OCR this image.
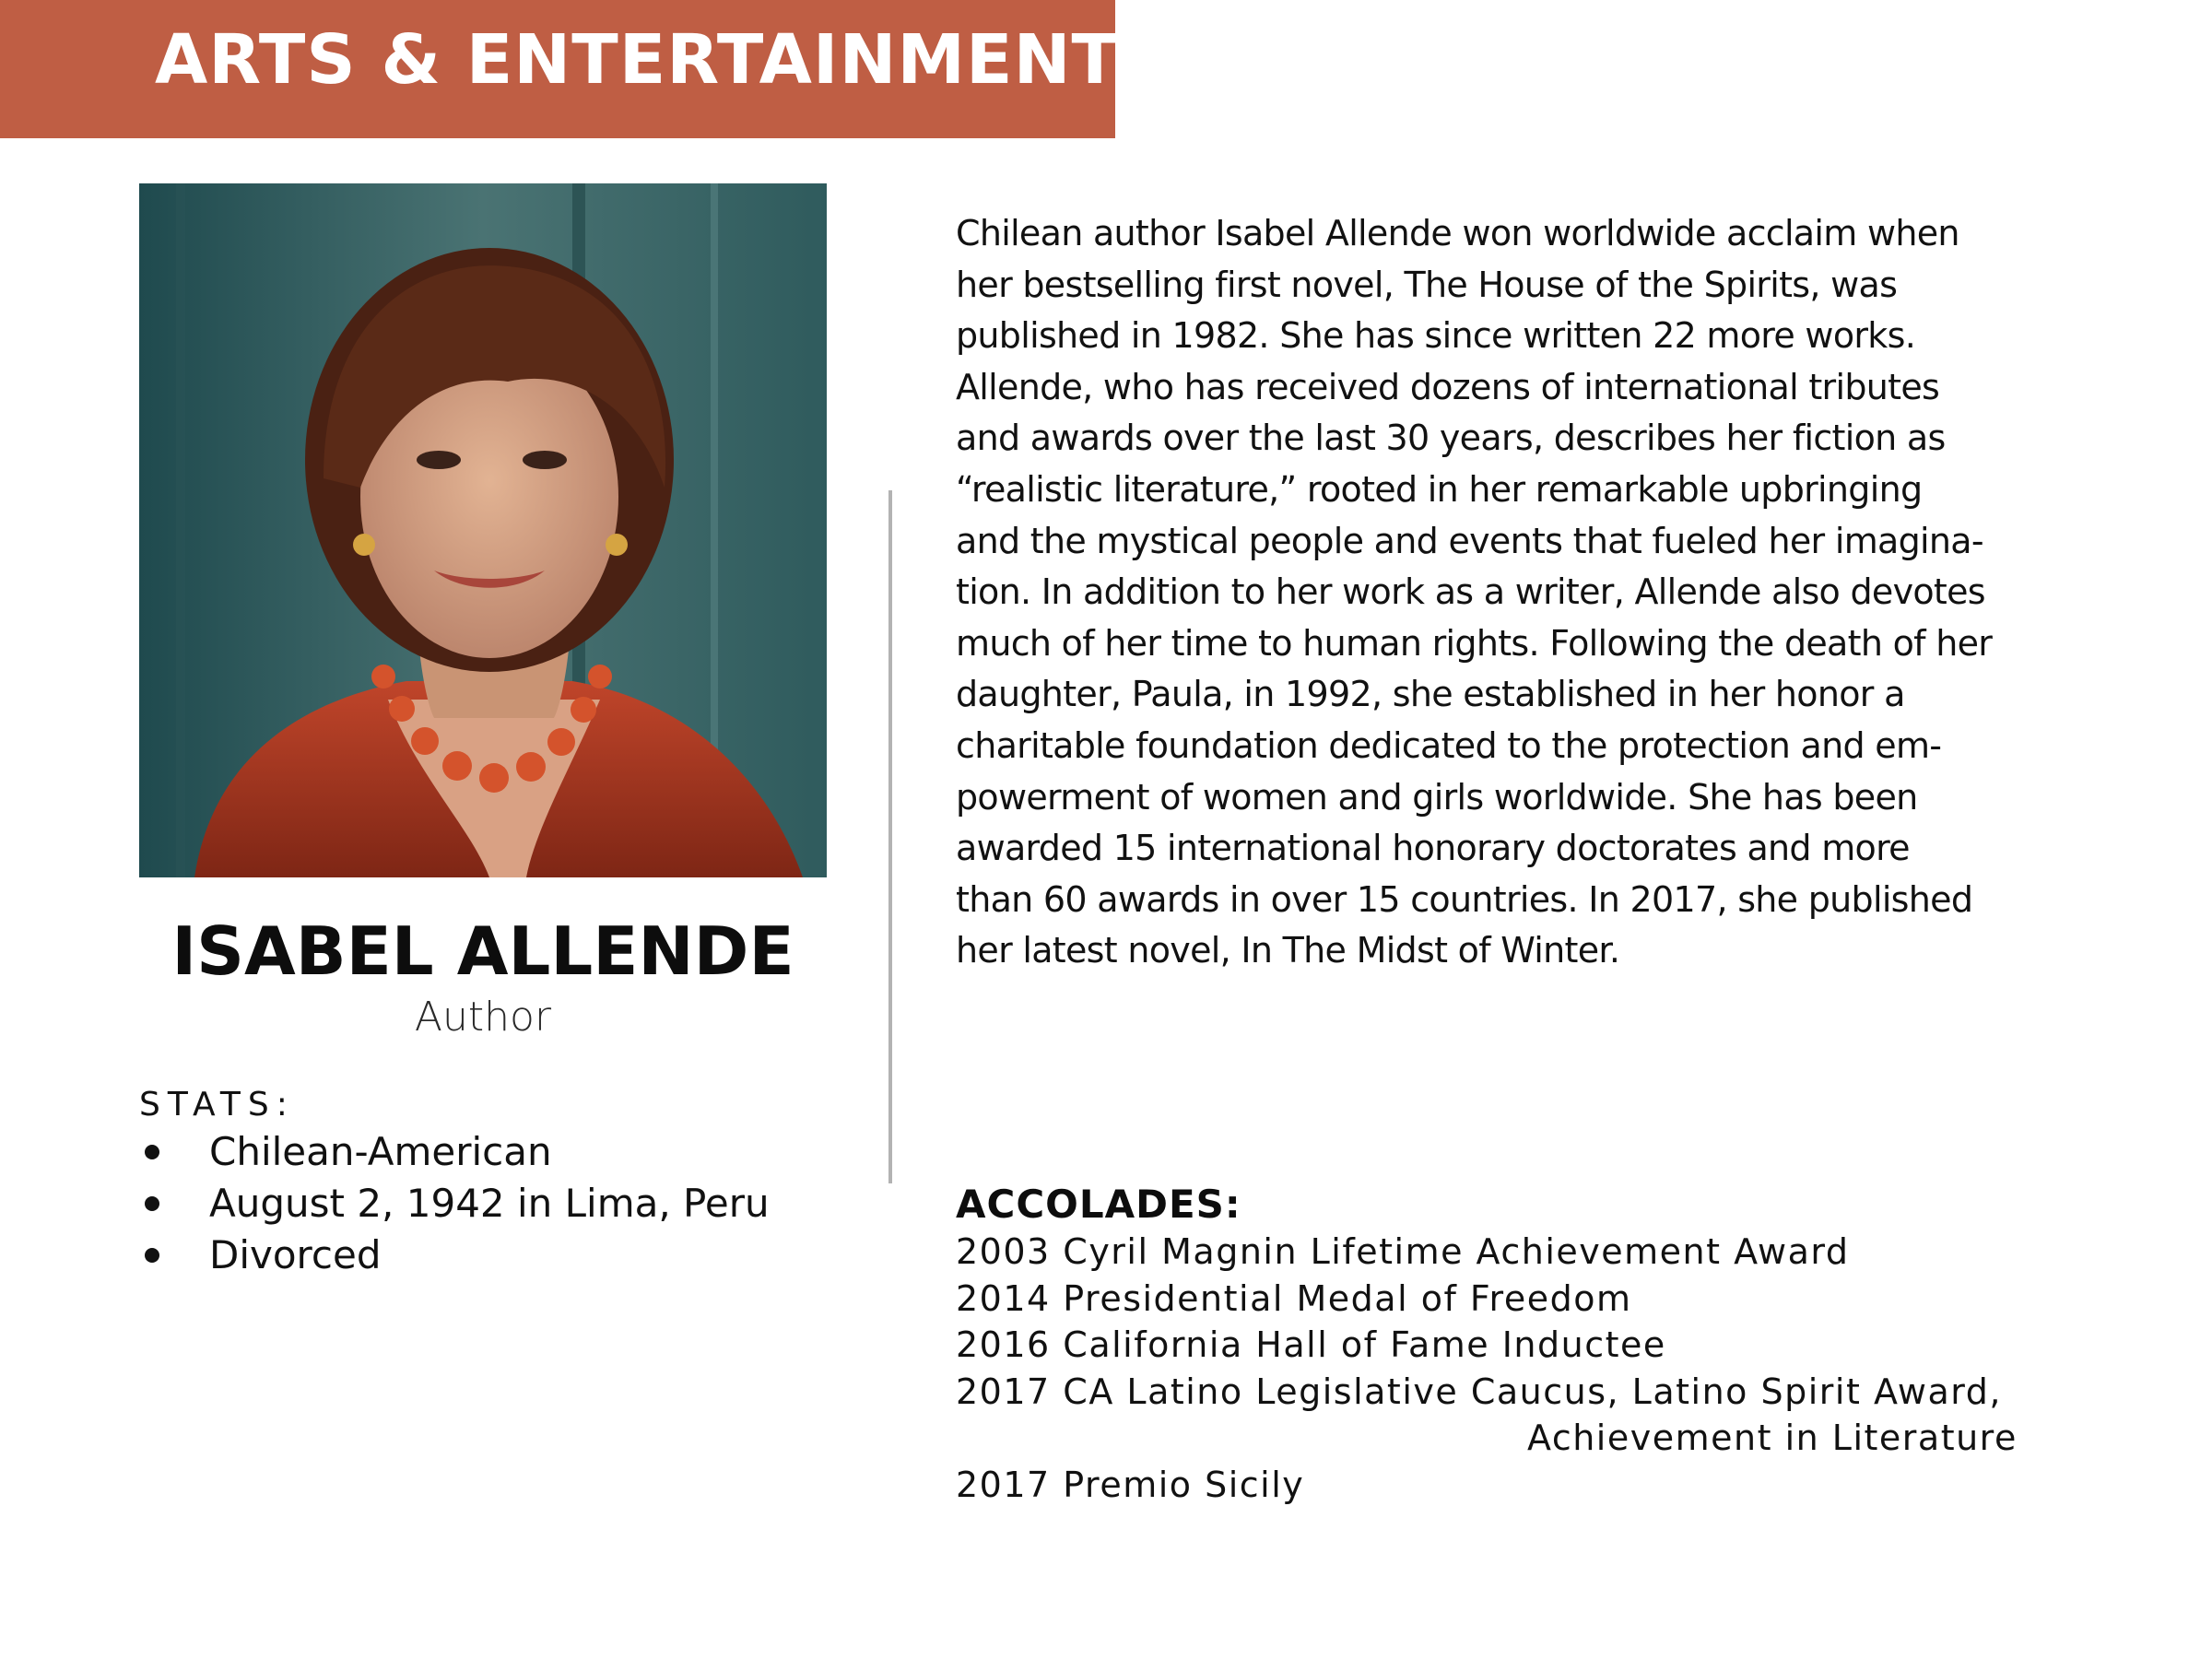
ARTS & ENTERTAINMENT
ISABEL ALLENDE
Author
STATS:
Chilean-American
August 2, 1942 in Lima, Peru
Divorced
Chilean author Isabel Allende won worldwide acclaim when
her bestselling first novel, The House of the Spirits, was
published in 1982. She has since written 22 more works.
Allende, who has received dozens of international tributes
and awards over the last 30 years, describes her fiction as
“realistic literature,” rooted in her remarkable upbringing
and the mystical people and events that fueled her imagina-
tion. In addition to her work as a writer, Allende also devotes
much of her time to human rights. Following the death of her
daughter, Paula, in 1992, she established in her honor a
charitable foundation dedicated to the protection and em-
powerment of women and girls worldwide. She has been
awarded 15 international honorary doctorates and more
than 60 awards in over 15 countries. In 2017, she published
her latest novel, In The Midst of Winter.
ACCOLADES:
2003 Cyril Magnin Lifetime Achievement Award
2014 Presidential Medal of Freedom
2016 California Hall of Fame Inductee
2017 CA Latino Legislative Caucus, Latino Spirit Award,
Achievement in Literature
2017 Premio Sicily
